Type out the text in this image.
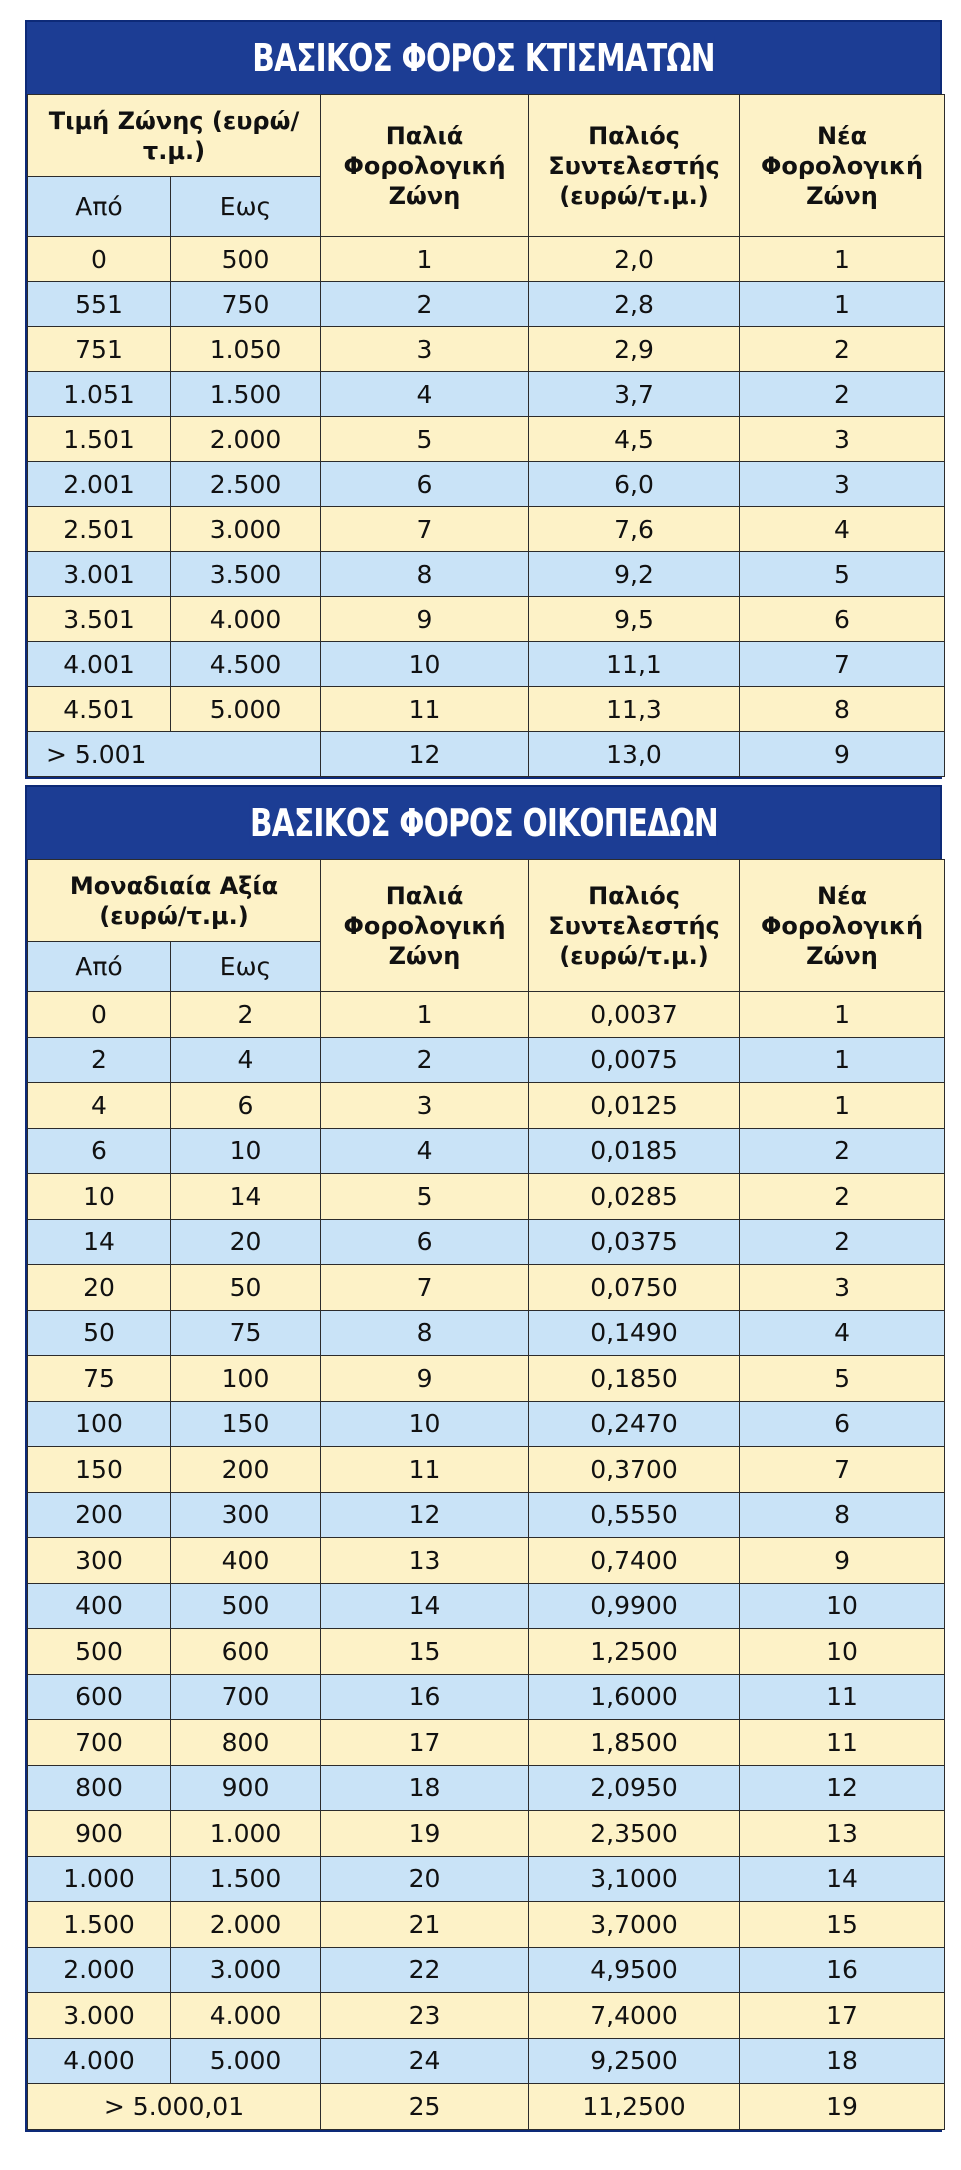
ΒΑΣΙΚΟΣ ΦΟΡΟΣ ΚΤΙΣΜΑΤΩΝ
Τιμή Ζώνης (ευρώ/τ.μ.)		Παλιά Φορολογική Ζώνη	Παλιός Συντελεστής (ευρώ/τ.μ.)	Νέα Φορολογική Ζώνη
Από	Εως			
0	500	1	2,0	1
551	750	2	2,8	1
751	1.050	3	2,9	2
1.051	1.500	4	3,7	2
1.501	2.000	5	4,5	3
2.001	2.500	6	6,0	3
2.501	3.000	7	7,6	4
3.001	3.500	8	9,2	5
3.501	4.000	9	9,5	6
4.001	4.500	10	11,1	7
4.501	5.000	11	11,3	8
> 5.001		12	13,0	9
ΒΑΣΙΚΟΣ ΦΟΡΟΣ ΟΙΚΟΠΕΔΩΝ
Μοναδιαία Αξία (ευρώ/τ.μ.)		Παλιά Φορολογική Ζώνη	Παλιός Συντελεστής (ευρώ/τ.μ.)	Νέα Φορολογική Ζώνη
Από	Εως			
0	2	1	0,0037	1
2	4	2	0,0075	1
4	6	3	0,0125	1
6	10	4	0,0185	2
10	14	5	0,0285	2
14	20	6	0,0375	2
20	50	7	0,0750	3
50	75	8	0,1490	4
75	100	9	0,1850	5
100	150	10	0,2470	6
150	200	11	0,3700	7
200	300	12	0,5550	8
300	400	13	0,7400	9
400	500	14	0,9900	10
500	600	15	1,2500	10
600	700	16	1,6000	11
700	800	17	1,8500	11
800	900	18	2,0950	12
900	1.000	19	2,3500	13
1.000	1.500	20	3,1000	14
1.500	2.000	21	3,7000	15
2.000	3.000	22	4,9500	16
3.000	4.000	23	7,4000	17
4.000	5.000	24	9,2500	18
> 5.000,01		25	11,2500	19
